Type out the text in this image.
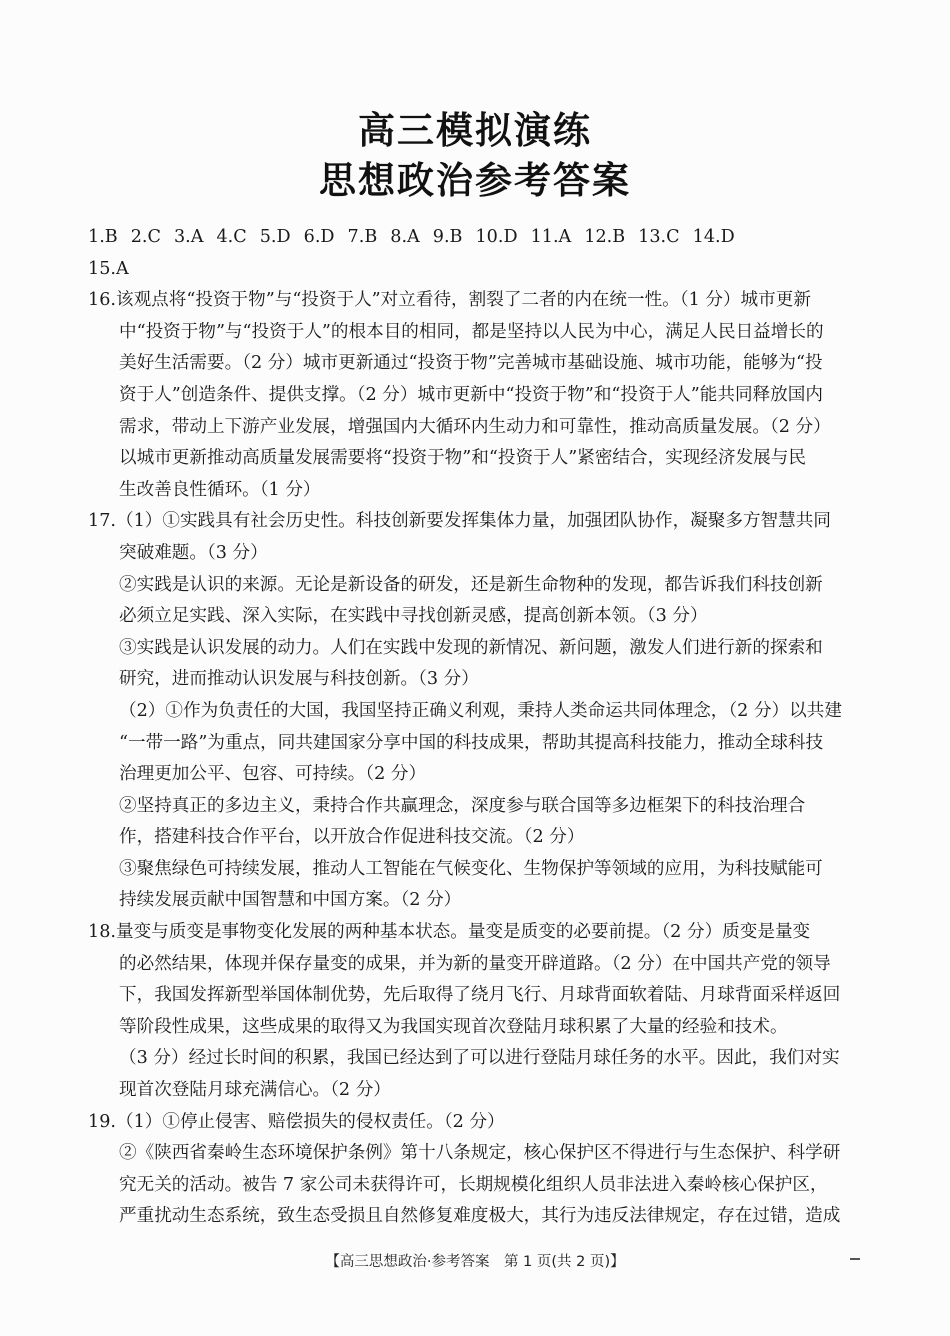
高三模拟演练
思想政治参考答案
1.B 2.C 3.A 4.C 5.D 6.D 7.B 8.A 9.B 10.D 11.A 12.B 13.C 14.D
15.A
16.该观点将“投资于物”与“投资于人”对立看待，割裂了二者的内在统一性。（1 分）城市更新
中“投资于物”与“投资于人”的根本目的相同，都是坚持以人民为中心，满足人民日益增长的
美好生活需要。（2 分）城市更新通过“投资于物”完善城市基础设施、城市功能，能够为“投
资于人”创造条件、提供支撑。（2 分）城市更新中“投资于物”和“投资于人”能共同释放国内
需求，带动上下游产业发展，增强国内大循环内生动力和可靠性，推动高质量发展。（2 分）
以城市更新推动高质量发展需要将“投资于物”和“投资于人”紧密结合，实现经济发展与民
生改善良性循环。（1 分）
17.（1）①实践具有社会历史性。科技创新要发挥集体力量，加强团队协作，凝聚多方智慧共同
突破难题。（3 分）
②实践是认识的来源。无论是新设备的研发，还是新生命物种的发现，都告诉我们科技创新
必须立足实践、深入实际，在实践中寻找创新灵感，提高创新本领。（3 分）
③实践是认识发展的动力。人们在实践中发现的新情况、新问题，激发人们进行新的探索和
研究，进而推动认识发展与科技创新。（3 分）
（2）①作为负责任的大国，我国坚持正确义利观，秉持人类命运共同体理念，（2 分）以共建
“一带一路”为重点，同共建国家分享中国的科技成果，帮助其提高科技能力，推动全球科技
治理更加公平、包容、可持续。（2 分）
②坚持真正的多边主义，秉持合作共赢理念，深度参与联合国等多边框架下的科技治理合
作，搭建科技合作平台，以开放合作促进科技交流。（2 分）
③聚焦绿色可持续发展，推动人工智能在气候变化、生物保护等领域的应用，为科技赋能可
持续发展贡献中国智慧和中国方案。（2 分）
18.量变与质变是事物变化发展的两种基本状态。量变是质变的必要前提。（2 分）质变是量变
的必然结果，体现并保存量变的成果，并为新的量变开辟道路。（2 分）在中国共产党的领导
下，我国发挥新型举国体制优势，先后取得了绕月飞行、月球背面软着陆、月球背面采样返回
等阶段性成果，这些成果的取得又为我国实现首次登陆月球积累了大量的经验和技术。
（3 分）经过长时间的积累，我国已经达到了可以进行登陆月球任务的水平。因此，我们对实
现首次登陆月球充满信心。（2 分）
19.（1）①停止侵害、赔偿损失的侵权责任。（2 分）
②《陕西省秦岭生态环境保护条例》第十八条规定，核心保护区不得进行与生态保护、科学研
究无关的活动。被告 7 家公司未获得许可，长期规模化组织人员非法进入秦岭核心保护区，
严重扰动生态系统，致生态受损且自然修复难度极大，其行为违反法律规定，存在过错，造成
【高三思想政治·参考答案　第 1 页(共 2 页)】
